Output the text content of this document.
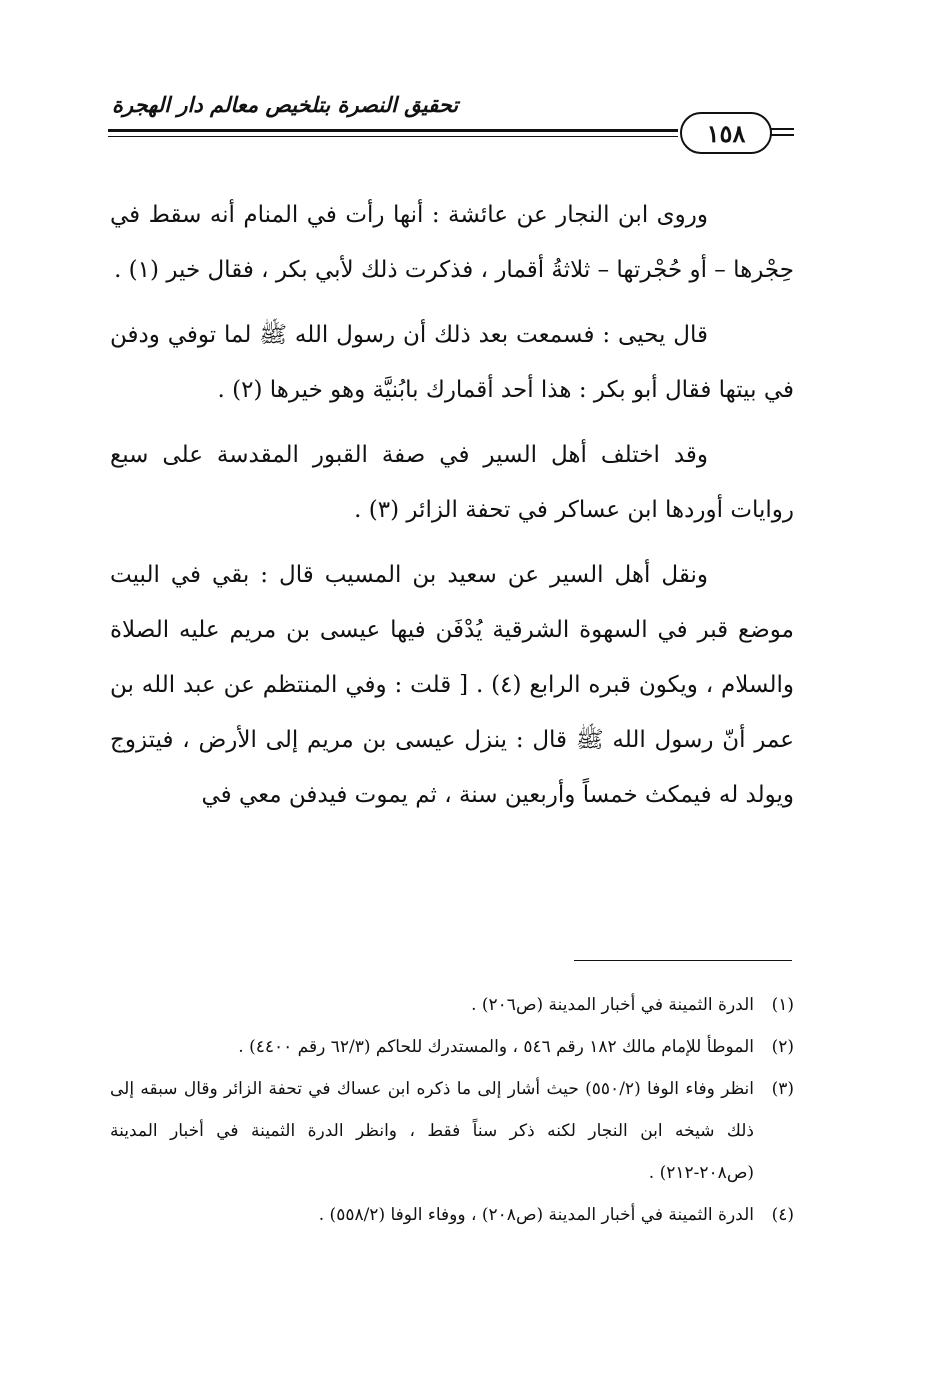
تحقيق النصرة بتلخيص معالم دار الهجرة
١٥٨

وروى ابن النجار عن عائشة : أنها رأت في المنام أنه سقط في حِجْرها – أو حُجْرتها – ثلاثةُ أقمار ، فذكرت ذلك لأبي بكر ، فقال خير (١) .

قال يحيى : فسمعت بعد ذلك أن رسول الله ﷺ لما توفي ودفن في بيتها فقال أبو بكر : هذا أحد أقمارك بابُنيَّة وهو خيرها (٢) .

وقد اختلف أهل السير في صفة القبور المقدسة على سبع روايات أوردها ابن عساكر في تحفة الزائر (٣) .

ونقل أهل السير عن سعيد بن المسيب قال : بقي في البيت موضع قبر في السهوة الشرقية يُدْفَن فيها عيسى بن مريم عليه الصلاة والسلام ، ويكون قبره الرابع (٤) . [ قلت : وفي المنتظم عن عبد الله بن عمر أنّ رسول الله ﷺ قال : ينزل عيسى بن مريم إلى الأرض ، فيتزوج ويولد له فيمكث خمساً وأربعين سنة ، ثم يموت فيدفن معي في

(١)
الدرة الثمينة في أخبار المدينة (ص٢٠٦) .
(٢)
الموطأ للإمام مالك ١٨٢ رقم ٥٤٦ ، والمستدرك للحاكم (٦٢/٣ رقم ٤٤٠٠) .
(٣)
انظر وفاء الوفا (٥٥٠/٢) حيث أشار إلى ما ذكره ابن عساك في تحفة الزائر وقال سبقه إلى ذلك شيخه ابن النجار لكنه ذكر سناً فقط ، وانظر الدرة الثمينة في أخبار المدينة (ص٢٠٨-٢١٢) .
(٤)
الدرة الثمينة في أخبار المدينة (ص٢٠٨) ، ووفاء الوفا (٥٥٨/٢) .
